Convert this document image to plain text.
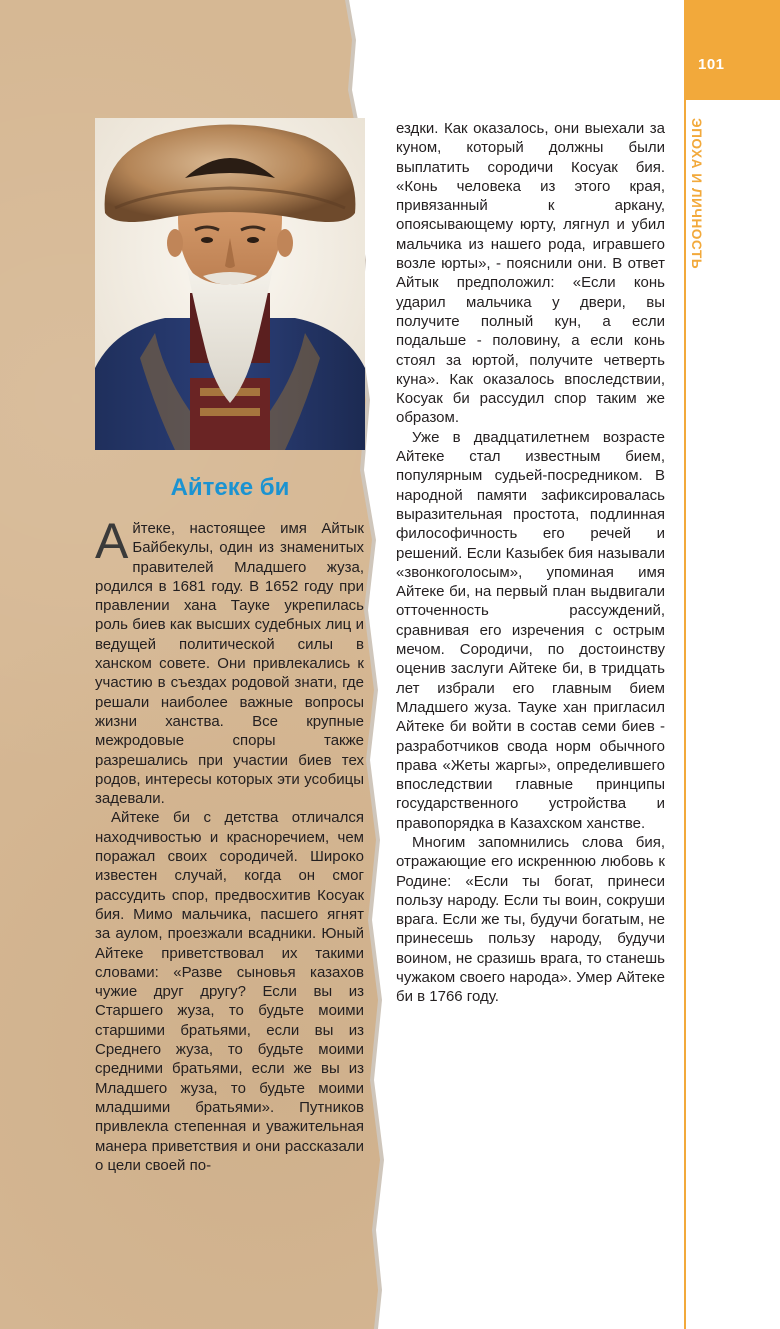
101
ЭПОХА И ЛИЧНОСТЬ
Айтеке би

Айтеке, настоящее имя Айтык Байбекулы, один из знаменитых правителей Младшего жуза, родился в 1681 году. В 1652 году при правлении хана Тауке укрепилась роль биев как высших судебных лиц и ведущей политической силы в ханском совете. Они привлекались к участию в съездах родовой знати, где решали наиболее важные вопросы жизни ханства. Все крупные межродовые споры также разрешались при участии биев тех родов, интересы которых эти усобицы задевали.

Айтеке би с детства отличался находчивостью и красноречием, чем поражал своих сородичей. Широко известен случай, когда он смог рассудить спор, предвосхитив Косуак бия. Мимо мальчика, пасшего ягнят за аулом, проезжали всадники. Юный Айтеке приветствовал их такими словами: «Разве сыновья казахов чужие друг другу? Если вы из Старшего жуза, то будьте моими старшими братьями, если вы из Среднего жуза, то будьте моими средними братьями, если же вы из Младшего жуза, то будьте моими младшими братьями». Путников привлекла степенная и уважительная манера приветствия и они рассказали о цели своей по-

ездки. Как оказалось, они выехали за куном, который должны были выплатить сородичи Косуак бия. «Конь человека из этого края, привязанный к аркану, опоясывающему юрту, лягнул и убил мальчика из нашего рода, игравшего возле юрты», - пояснили они. В ответ Айтык предположил: «Если конь ударил мальчика у двери, вы получите полный кун, а если подальше - половину, а если конь стоял за юртой, получите четверть куна». Как оказалось впоследствии, Косуак би рассудил спор таким же образом.

Уже в двадцатилетнем возрасте Айтеке стал известным бием, популярным судьей-посредником. В народной памяти зафиксировалась выразительная простота, подлинная философичность его речей и решений. Если Казыбек бия называли «звонкоголосым», упоминая имя Айтеке би, на первый план выдвигали отточенность рассуждений, сравнивая его изречения с острым мечом. Сородичи, по достоинству оценив заслуги Айтеке би, в тридцать лет избрали его главным бием Младшего жуза. Тауке хан пригласил Айтеке би войти в состав семи биев - разработчиков свода норм обычного права «Жеты жаргы», определившего впоследствии главные принципы государственного устройства и правопорядка в Казахском ханстве.

Многим запомнились слова бия, отражающие его искреннюю любовь к Родине: «Если ты богат, принеси пользу народу. Если ты воин, сокруши врага. Если же ты, будучи богатым, не принесешь пользу народу, будучи воином, не сразишь врага, то станешь чужаком своего народа». Умер Айтеке би в 1766 году.
